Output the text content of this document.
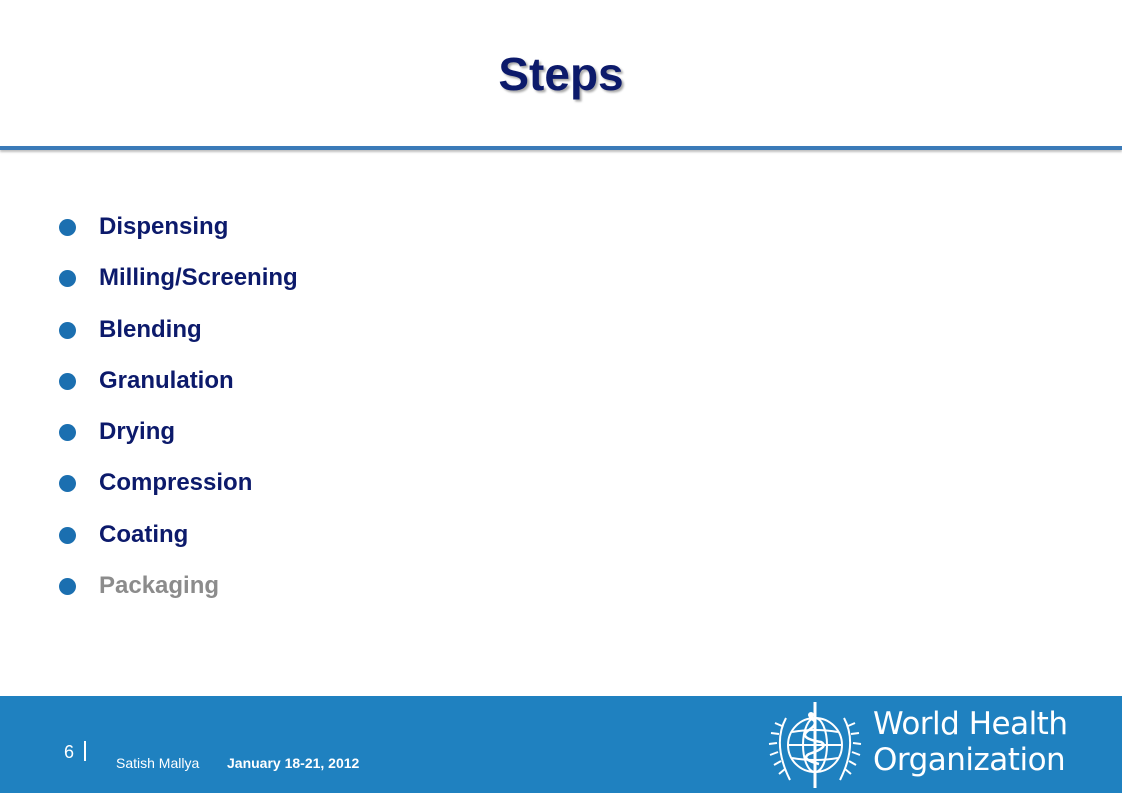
Steps
Dispensing
Milling/Screening
Blending
Granulation
Drying
Compression
Coating
Packaging
6
Satish Mallya January 18-21, 2012
World Health
Organization
